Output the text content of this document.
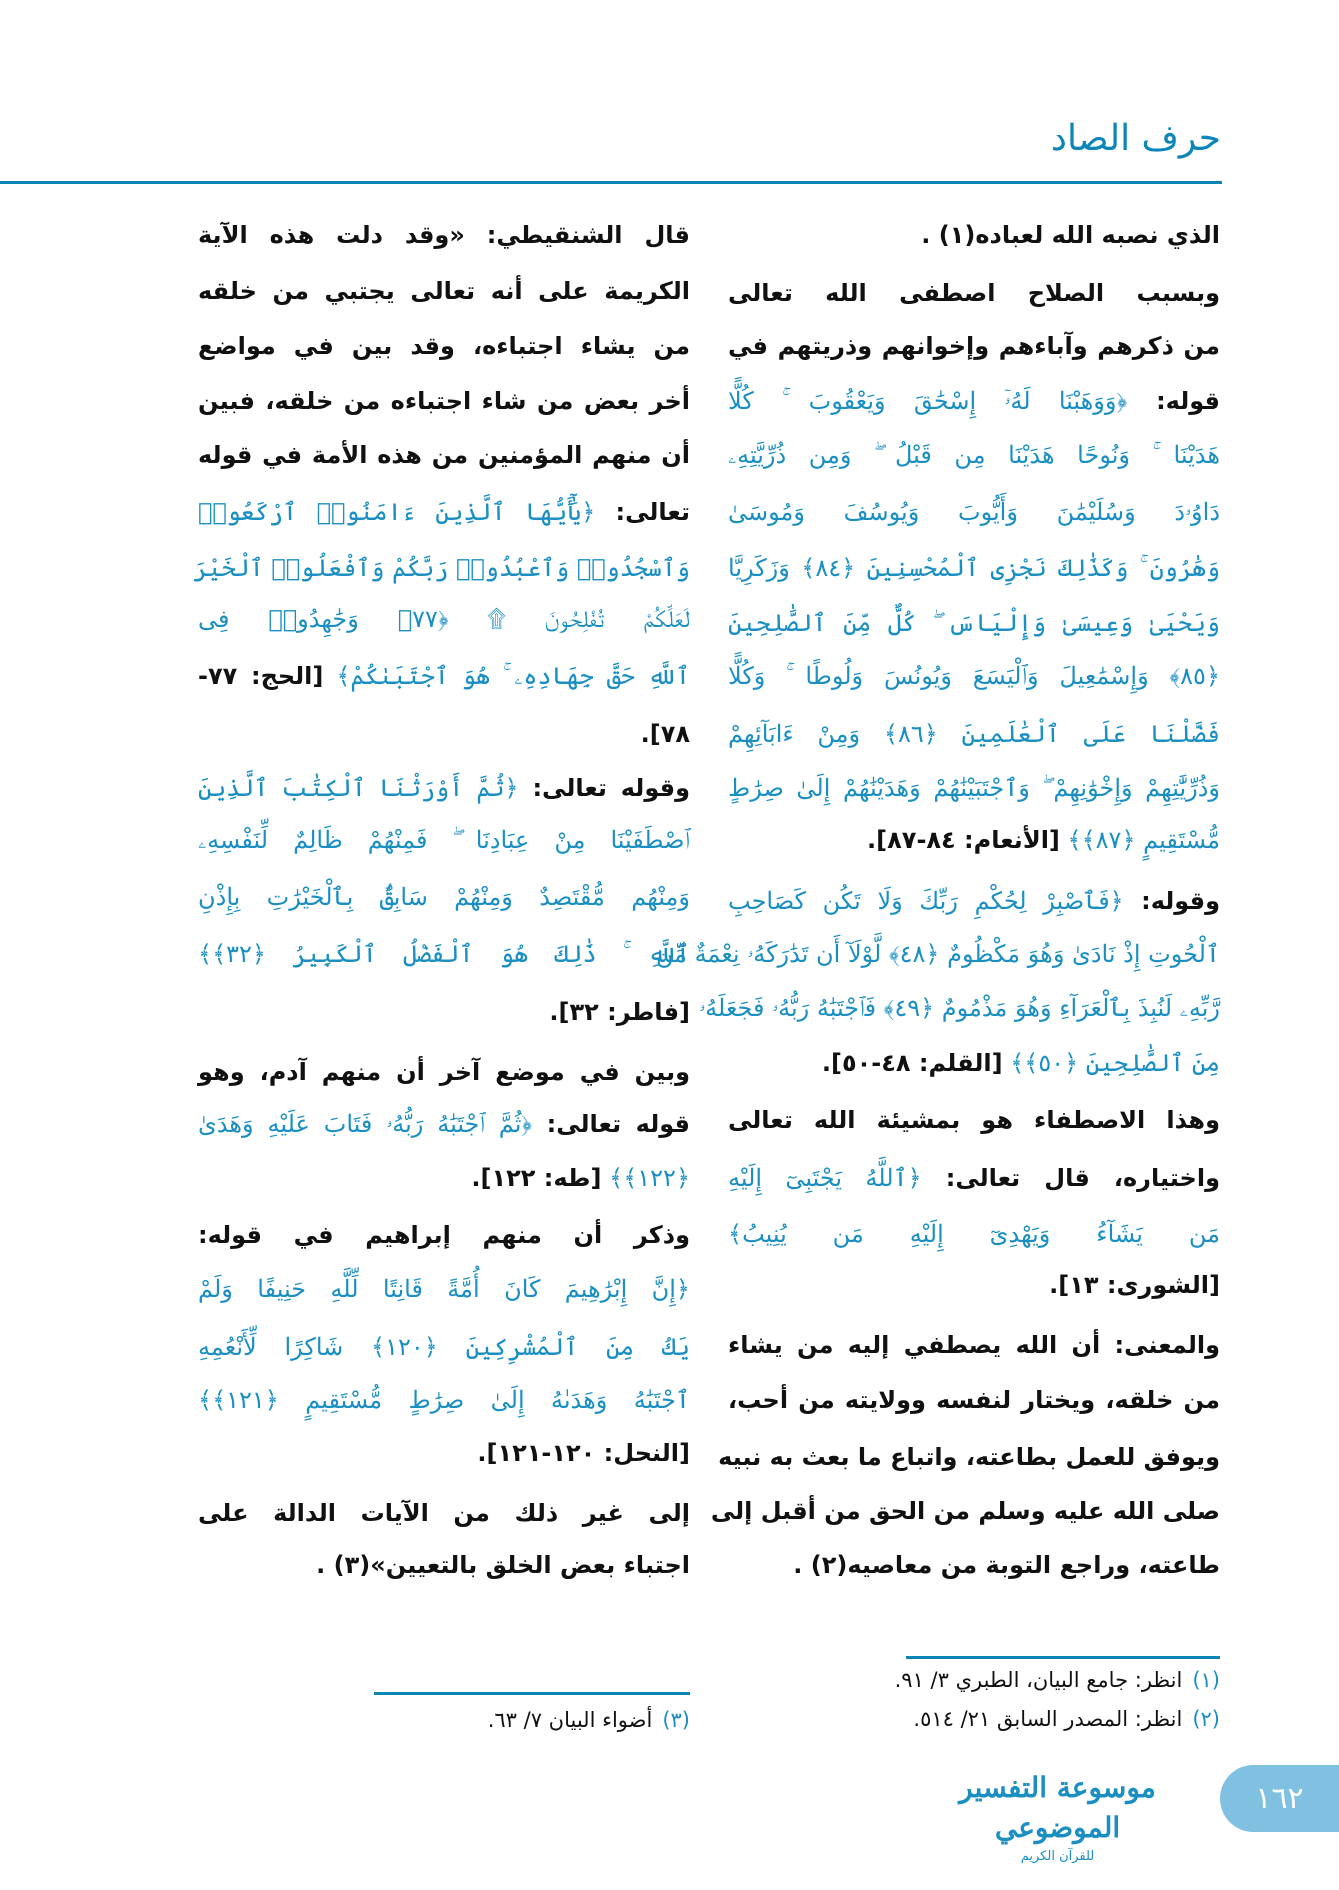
حرف الصاد
الذي نصبه الله لعباده(١) .
وبسبب الصلاح اصطفى الله تعالى
من ذكرهم وآباءهم وإخوانهم وذريتهم في
قوله: ﴿وَوَهَبْنَا لَهُۥٓ إِسْحَٰقَ وَيَعْقُوبَ ۚ كُلًّا
هَدَيْنَا ۚ وَنُوحًا هَدَيْنَا مِن قَبْلُ ۖ وَمِن ذُرِّيَّتِهِۦ
دَاوُۥدَ وَسُلَيْمَٰنَ وَأَيُّوبَ وَيُوسُفَ وَمُوسَىٰ
وَهَٰرُونَ ۚ وَكَذَٰلِكَ نَجْزِى ٱلْمُحْسِنِينَ ﴿٨٤﴾ وَزَكَرِيَّا
وَيَحْيَىٰ وَعِيسَىٰ وَإِلْيَاسَ ۖ كُلٌّ مِّنَ ٱلصَّٰلِحِينَ
﴿٨٥﴾ وَإِسْمَٰعِيلَ وَٱلْيَسَعَ وَيُونُسَ وَلُوطًا ۚ وَكُلًّا
فَضَّلْنَا عَلَى ٱلْعَٰلَمِينَ ﴿٨٦﴾ وَمِنْ ءَابَآئِهِمْ
وَذُرِّيَّٰتِهِمْ وَإِخْوَٰنِهِمْ ۖ وَٱجْتَبَيْنَٰهُمْ وَهَدَيْنَٰهُمْ إِلَىٰ صِرَٰطٍ
مُّسْتَقِيمٍ ﴿٨٧﴾﴾ [الأنعام: ٨٤-٨٧].
وقوله: ﴿فَٱصْبِرْ لِحُكْمِ رَبِّكَ وَلَا تَكُن كَصَاحِبِ
ٱلْحُوتِ إِذْ نَادَىٰ وَهُوَ مَكْظُومٌ ﴿٤٨﴾ لَّوْلَآ أَن تَدَٰرَكَهُۥ نِعْمَةٌ مِّن
رَّبِّهِۦ لَنُبِذَ بِٱلْعَرَآءِ وَهُوَ مَذْمُومٌ ﴿٤٩﴾ فَٱجْتَبَٰهُ رَبُّهُۥ فَجَعَلَهُۥ
مِنَ ٱلصَّٰلِحِينَ ﴿٥٠﴾﴾ [القلم: ٤٨-٥٠].
وهذا الاصطفاء هو بمشيئة الله تعالى
واختياره، قال تعالى: ﴿ٱللَّهُ يَجْتَبِىٓ إِلَيْهِ
مَن يَشَآءُ وَيَهْدِىٓ إِلَيْهِ مَن يُنِيبُ﴾
[الشورى: ١٣].
والمعنى: أن الله يصطفي إليه من يشاء
من خلقه، ويختار لنفسه وولايته من أحب،
ويوفق للعمل بطاعته، واتباع ما بعث به نبيه
صلى الله عليه وسلم من الحق من أقبل إلى
طاعته، وراجع التوبة من معاصيه(٢) .
قال الشنقيطي: «وقد دلت هذه الآية
الكريمة على أنه تعالى يجتبي من خلقه
من يشاء اجتباءه، وقد بين في مواضع
أخر بعض من شاء اجتباءه من خلقه، فبين
أن منهم المؤمنين من هذه الأمة في قوله
تعالى: ﴿يَٰٓأَيُّهَا ٱلَّذِينَ ءَامَنُوا۟ ٱرْكَعُوا۟
وَٱسْجُدُوا۟ وَٱعْبُدُوا۟ رَبَّكُمْ وَٱفْعَلُوا۟ ٱلْخَيْرَ
لَعَلَّكُمْ تُفْلِحُونَ ۩ ﴿٧٧﴾ وَجَٰهِدُوا۟ فِى
ٱللَّهِ حَقَّ جِهَادِهِۦ ۚ هُوَ ٱجْتَبَىٰكُمْ﴾ [الحج: ٧٧-
٧٨].
وقوله تعالى: ﴿ثُمَّ أَوْرَثْنَا ٱلْكِتَٰبَ ٱلَّذِينَ
ٱصْطَفَيْنَا مِنْ عِبَادِنَا ۖ فَمِنْهُمْ ظَالِمٌ لِّنَفْسِهِۦ
وَمِنْهُم مُّقْتَصِدٌ وَمِنْهُمْ سَابِقٌۢ بِٱلْخَيْرَٰتِ بِإِذْنِ
ٱللَّهِ ۚ ذَٰلِكَ هُوَ ٱلْفَضْلُ ٱلْكَبِيرُ ﴿٣٢﴾﴾
[فاطر: ٣٢].
وبين في موضع آخر أن منهم آدم، وهو
قوله تعالى: ﴿ثُمَّ ٱجْتَبَٰهُ رَبُّهُۥ فَتَابَ عَلَيْهِ وَهَدَىٰ
﴿١٢٢﴾﴾ [طه: ١٢٢].
وذكر أن منهم إبراهيم في قوله:
﴿إِنَّ إِبْرَٰهِيمَ كَانَ أُمَّةً قَانِتًا لِّلَّهِ حَنِيفًا وَلَمْ
يَكُ مِنَ ٱلْمُشْرِكِينَ ﴿١٢٠﴾ شَاكِرًا لِّأَنْعُمِهِ
ٱجْتَبَٰهُ وَهَدَىٰهُ إِلَىٰ صِرَٰطٍ مُّسْتَقِيمٍ ﴿١٢١﴾﴾
[النحل: ١٢٠-١٢١].
إلى غير ذلك من الآيات الدالة على
اجتباء بعض الخلق بالتعيين»(٣) .
(١)انظر: جامع البيان، الطبري ٣/ ٩١.
(٢)انظر: المصدر السابق ٢١/ ٥١٤.
(٣)أضواء البيان ٧/ ٦٣.
موسوعة التفسير الموضوعي
للقرآن الكريم
١٦٢
